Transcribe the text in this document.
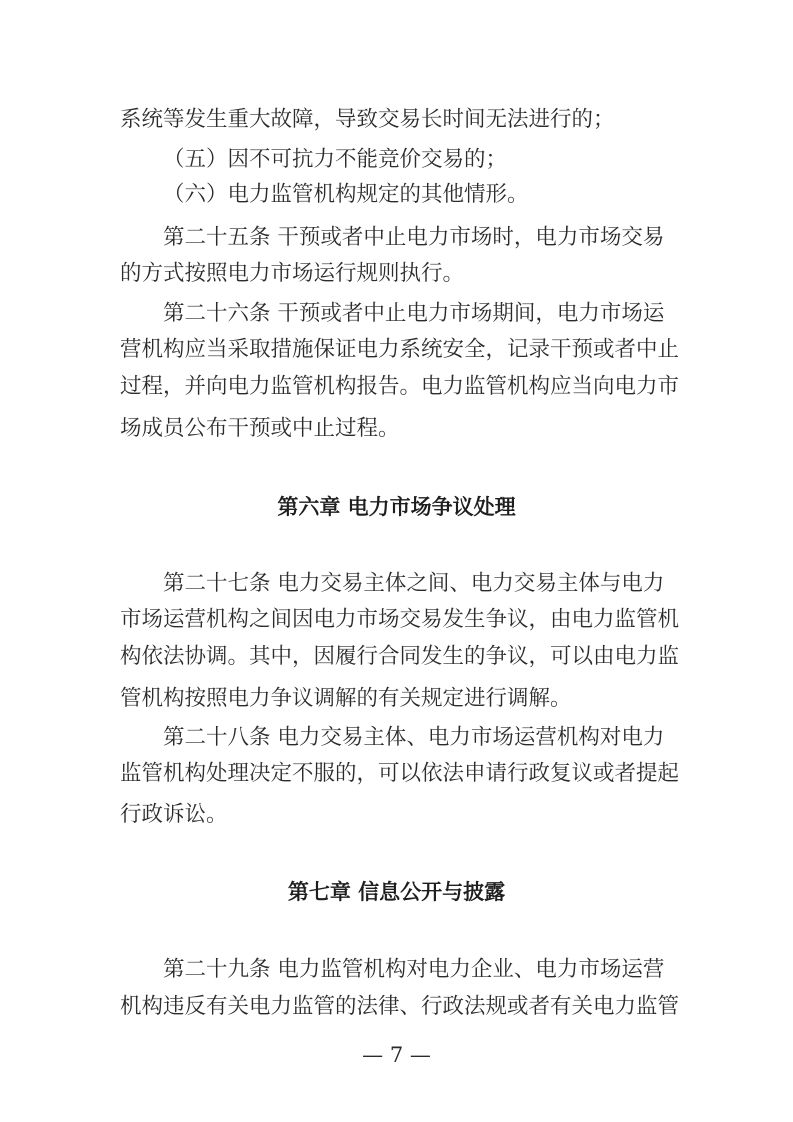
系统等发生重大故障，导致交易长时间无法进行的；
（五）因不可抗力不能竞价交易的；
（六）电力监管机构规定的其他情形。
第二十五条 干预或者中止电力市场时，电力市场交易
的方式按照电力市场运行规则执行。
第二十六条 干预或者中止电力市场期间，电力市场运
营机构应当采取措施保证电力系统安全，记录干预或者中止
过程，并向电力监管机构报告。电力监管机构应当向电力市
场成员公布干预或中止过程。
第六章 电力市场争议处理
第二十七条 电力交易主体之间、电力交易主体与电力
市场运营机构之间因电力市场交易发生争议，由电力监管机
构依法协调。其中，因履行合同发生的争议，可以由电力监
管机构按照电力争议调解的有关规定进行调解。
第二十八条 电力交易主体、电力市场运营机构对电力
监管机构处理决定不服的，可以依法申请行政复议或者提起
行政诉讼。
第七章 信息公开与披露
第二十九条 电力监管机构对电力企业、电力市场运营
机构违反有关电力监管的法律、行政法规或者有关电力监管
— 7 —
